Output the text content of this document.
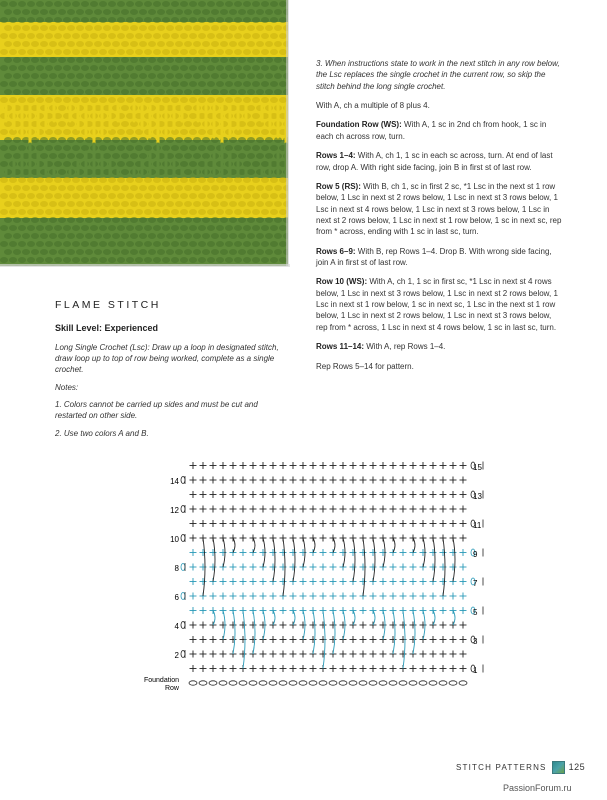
FLAME STITCH
Skill Level: Experienced

Long Single Crochet (Lsc): Draw up a loop in designated stitch, draw loop up to top of row being worked, complete as a single crochet.

Notes:

1. Colors cannot be carried up sides and must be cut and restarted on other side.

2. Use two colors A and B.

3. When instructions state to work in the next stitch in any row below, the Lsc replaces the single crochet in the current row, so skip the stitch behind the long single crochet.

With A, ch a multiple of 8 plus 4.

Foundation Row (WS): With A, 1 sc in 2nd ch from hook, 1 sc in each ch across row, turn.

Rows 1–4: With A, ch 1, 1 sc in each sc across, turn. At end of last row, drop A. With right side facing, join B in first st of last row.

Row 5 (RS): With B, ch 1, sc in first 2 sc, *1 Lsc in the next st 1 row below, 1 Lsc in next st 2 rows below, 1 Lsc in next st 3 rows below, 1 Lsc in next st 4 rows below, 1 Lsc in next st 3 rows below, 1 Lsc in next st 2 rows below, 1 Lsc in next st 1 row below, 1 sc in next sc, rep from * across, ending with 1 sc in last sc, turn.

Rows 6–9: With B, rep Rows 1–4. Drop B. With wrong side facing, join A in first st of last row.

Row 10 (WS): With A, ch 1, 1 sc in first sc, *1 Lsc in next st 4 rows below, 1 Lsc in next st 3 rows below, 1 Lsc in next st 2 rows below, 1 Lsc in next st 1 row below, 1 sc in next sc, 1 Lsc in the next st 1 row below, 1 Lsc in next st 2 rows below, 1 Lsc in next st 3 rows below, rep from * across, 1 Lsc in next st 4 rows below, 1 sc in last sc, turn.

Rows 11–14: With A, rep Rows 1–4.

Rep Rows 5–14 for pattern.

14
12
10
8
6
4
2
15
13
11
9
7
5
3
1
Foundation
Row
STITCH PATTERNS 125
PassionForum.ru
